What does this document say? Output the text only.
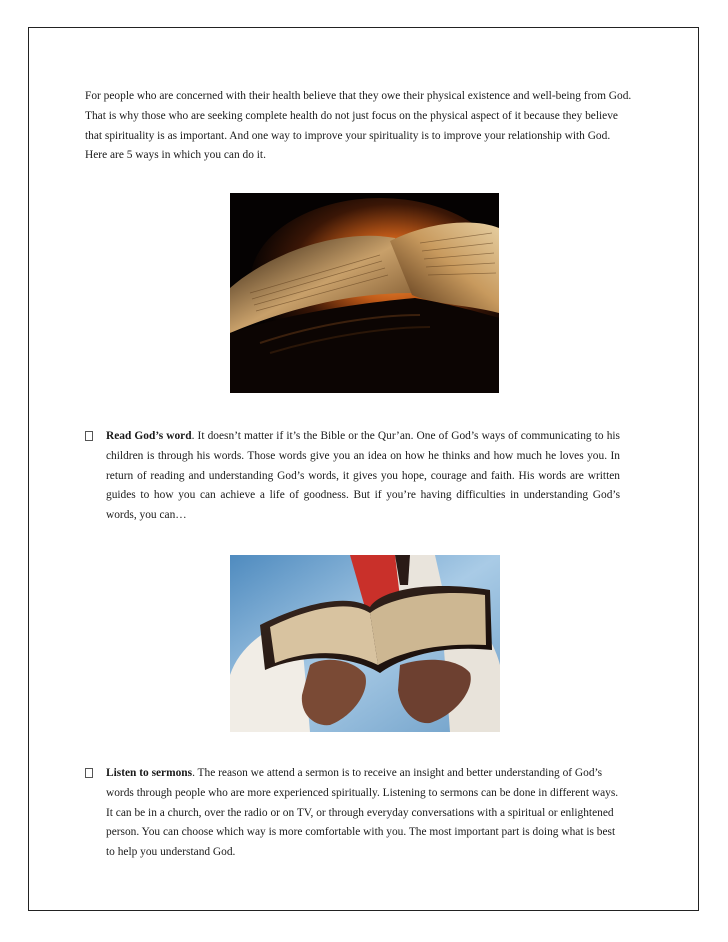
For people who are concerned with their health believe that they owe their physical existence and well-being from God. That is why those who are seeking complete health do not just focus on the physical aspect of it because they believe that spirituality is as important. And one way to improve your spirituality is to improve your relationship with God. Here are 5 ways in which you can do it.

Read God’s word. It doesn’t matter if it’s the Bible or the Qur’an. One of God’s ways of communicating to his children is through his words. Those words give you an idea on how he thinks and how much he loves you. In return of reading and understanding God’s words, it gives you hope, courage and faith. His words are written guides to how you can achieve a life of goodness. But if you’re having difficulties in understanding God’s words, you can…

Listen to sermons. The reason we attend a sermon is to receive an insight and better understanding of God’s words through people who are more experienced spiritually. Listening to sermons can be done in different ways. It can be in a church, over the radio or on TV, or through everyday conversations with a spiritual or enlightened person. You can choose which way is more comfortable with you. The most important part is doing what is best to help you understand God.
